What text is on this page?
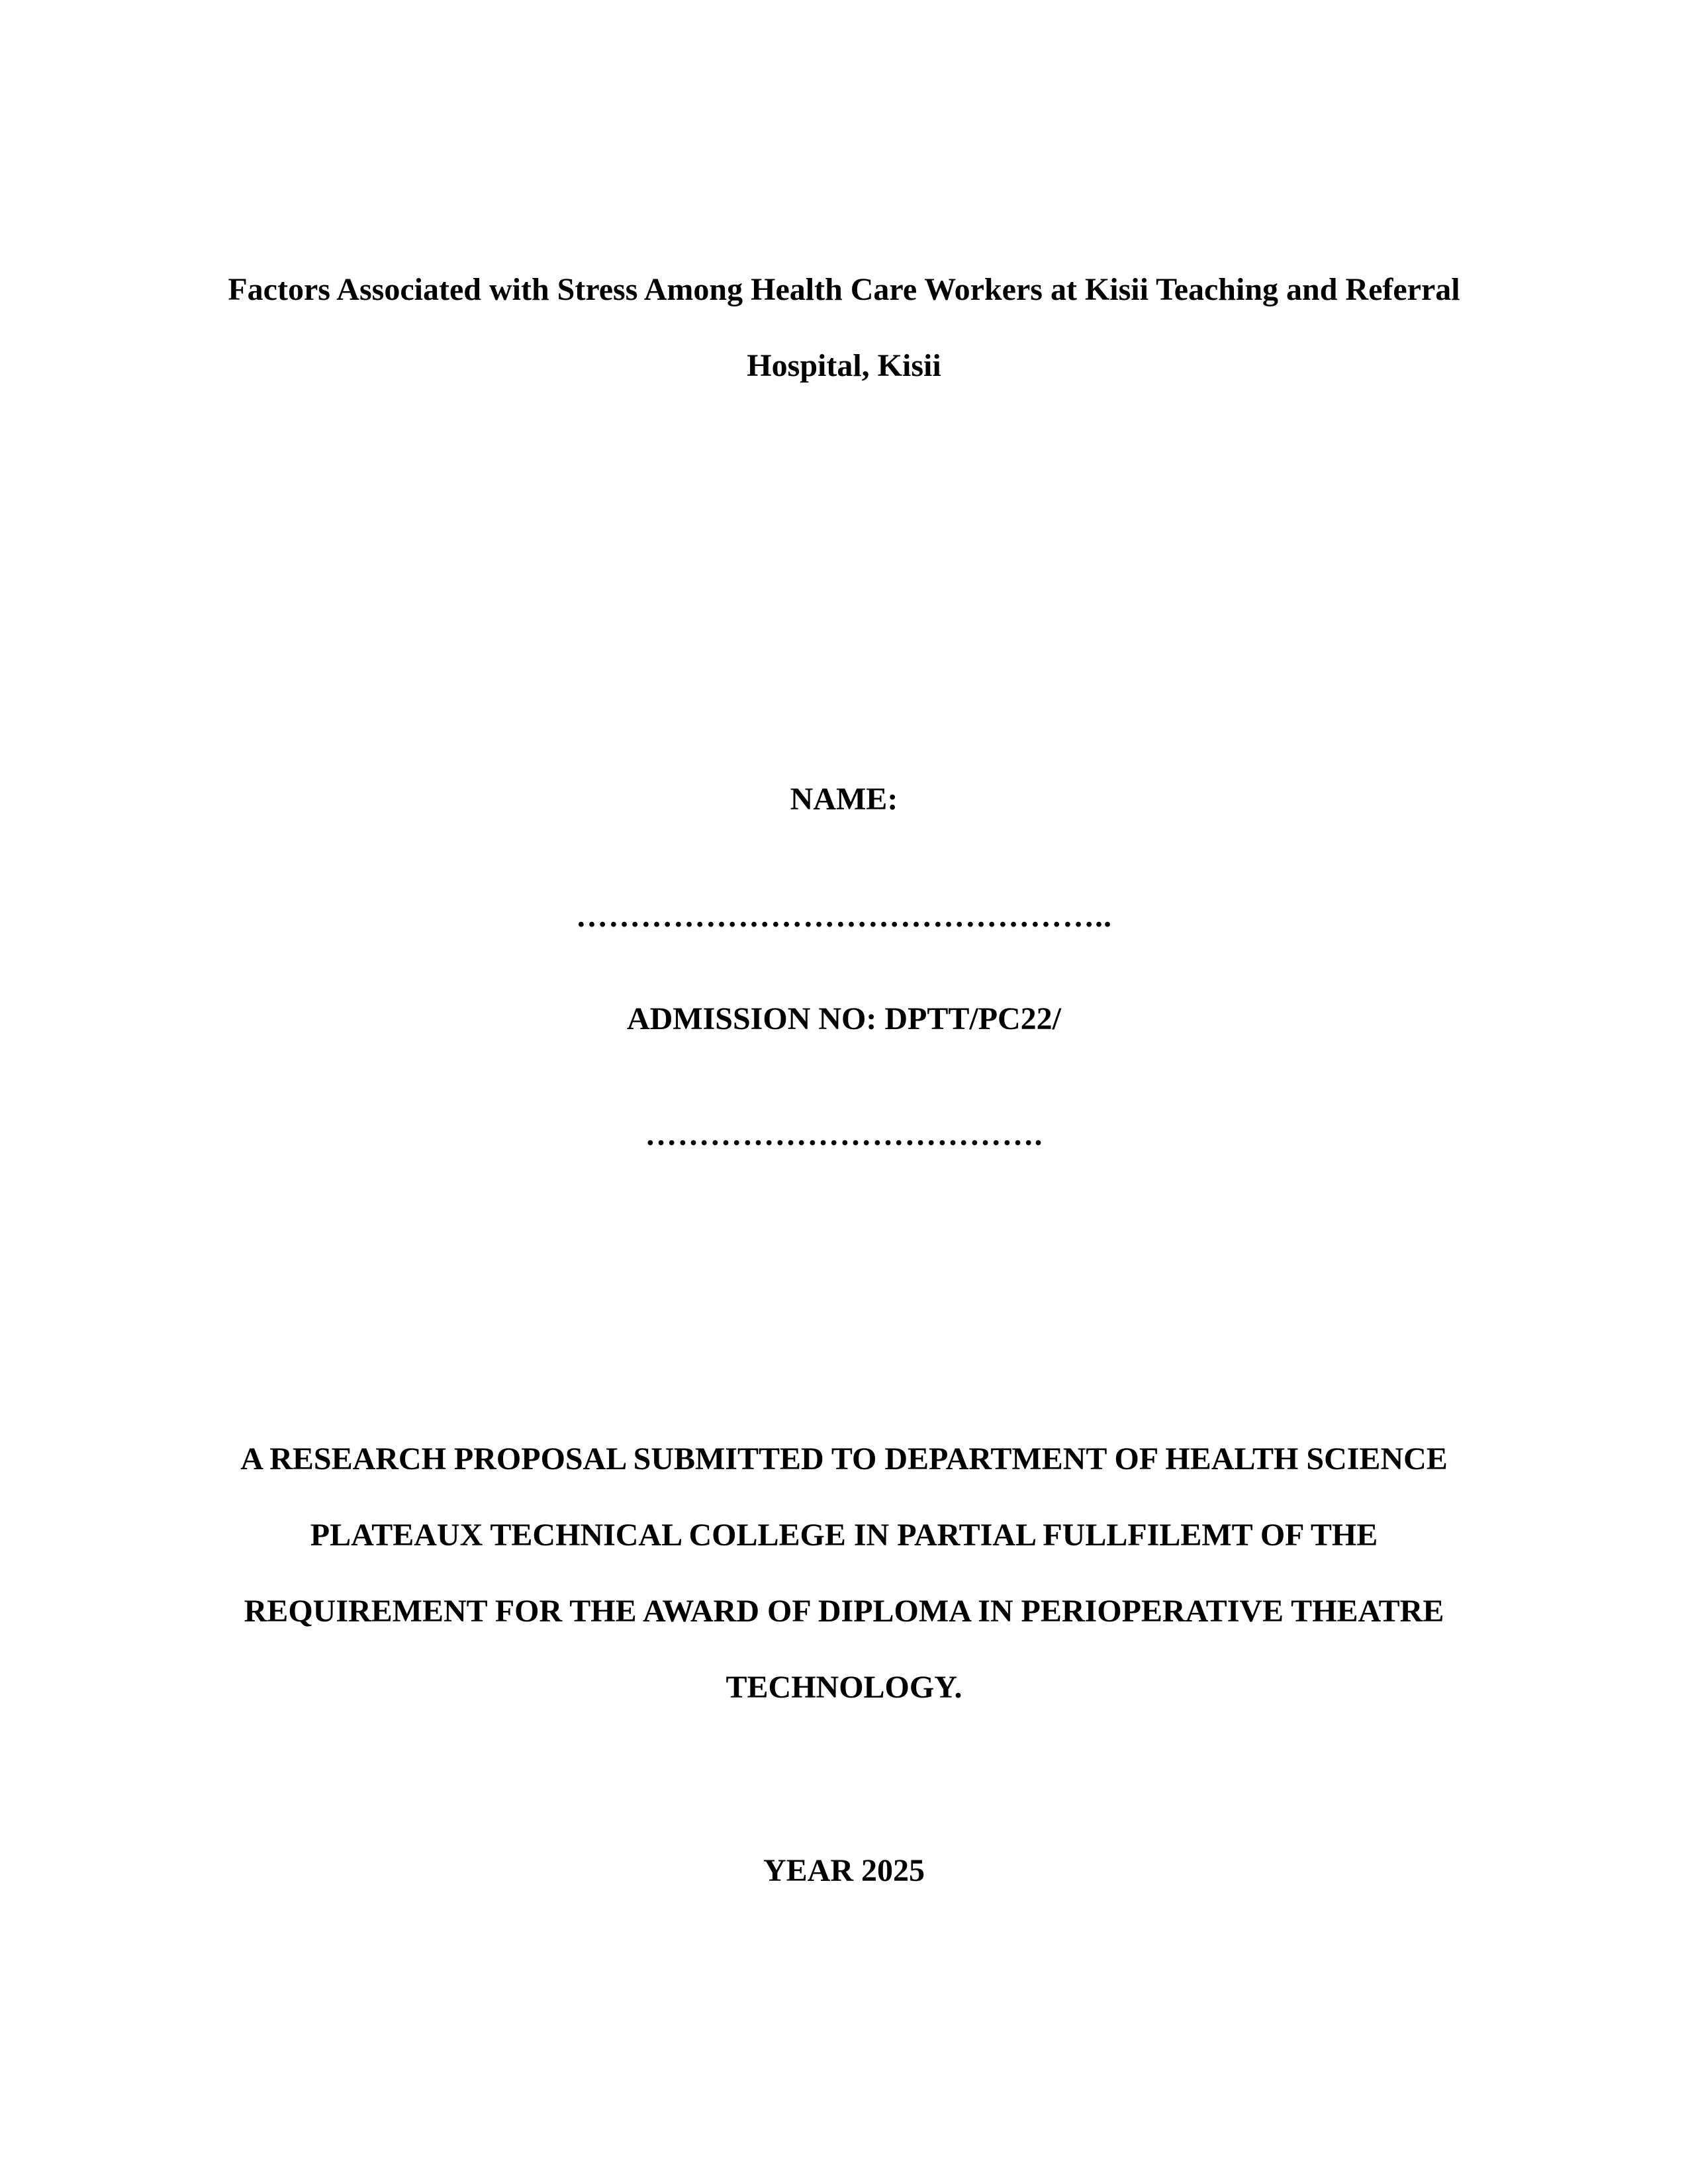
Factors Associated with Stress Among Health Care Workers at Kisii Teaching and Referral
Hospital, Kisii
NAME:
…………………………………………..
ADMISSION NO: DPTT/PC22/
……………………………….
A RESEARCH PROPOSAL SUBMITTED TO DEPARTMENT OF HEALTH SCIENCE
PLATEAUX TECHNICAL COLLEGE IN PARTIAL FULLFILEMT OF THE
REQUIREMENT FOR THE AWARD OF DIPLOMA IN PERIOPERATIVE THEATRE
TECHNOLOGY.
YEAR 2025
